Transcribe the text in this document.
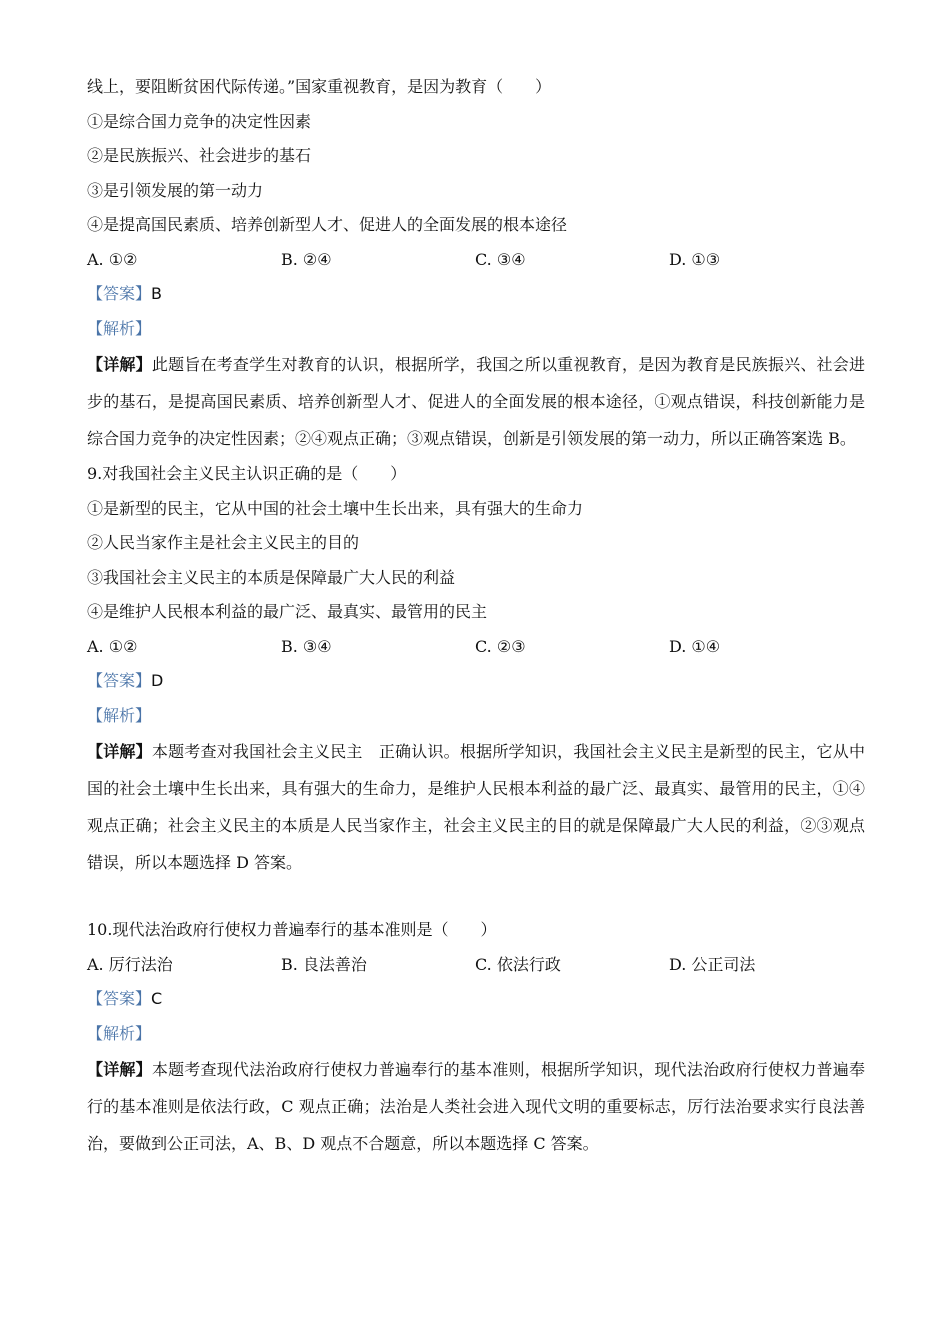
线上，要阻断贫困代际传递。”国家重视教育，是因为教育（　　）
①是综合国力竞争的决定性因素
②是民族振兴、社会进步的基石
③是引领发展的第一动力
④是提高国民素质、培养创新型人才、促进人的全面发展的根本途径
A. ①②	B. ②④	C. ③④	D. ①③
【答案】B
【解析】
【详解】此题旨在考查学生对教育的认识，根据所学，我国之所以重视教育，是因为教育是民族振兴、社会进步的基石，是提高国民素质、培养创新型人才、促进人的全面发展的根本途径，①观点错误，科技创新能力是综合国力竞争的决定性因素；②④观点正确；③观点错误，创新是引领发展的第一动力，所以正确答案选 B。
9.对我国社会主义民主认识正确的是（　　）
①是新型的民主，它从中国的社会土壤中生长出来，具有强大的生命力
②人民当家作主是社会主义民主的目的
③我国社会主义民主的本质是保障最广大人民的利益
④是维护人民根本利益的最广泛、最真实、最管用的民主
A. ①②	B. ③④	C. ②③	D. ①④
【答案】D
【解析】
【详解】本题考查对我国社会主义民主　正确认识。根据所学知识，我国社会主义民主是新型的民主，它从中国的社会土壤中生长出来，具有强大的生命力，是维护人民根本利益的最广泛、最真实、最管用的民主，①④观点正确；社会主义民主的本质是人民当家作主，社会主义民主的目的就是保障最广大人民的利益，②③观点错误，所以本题选择 D 答案。
10.现代法治政府行使权力普遍奉行的基本准则是（　　）
A. 厉行法治	B. 良法善治	C. 依法行政	D. 公正司法
【答案】C
【解析】
【详解】本题考查现代法治政府行使权力普遍奉行的基本准则，根据所学知识，现代法治政府行使权力普遍奉行的基本准则是依法行政，C 观点正确；法治是人类社会进入现代文明的重要标志，厉行法治要求实行良法善治，要做到公正司法，A、B、D 观点不合题意，所以本题选择 C 答案。
